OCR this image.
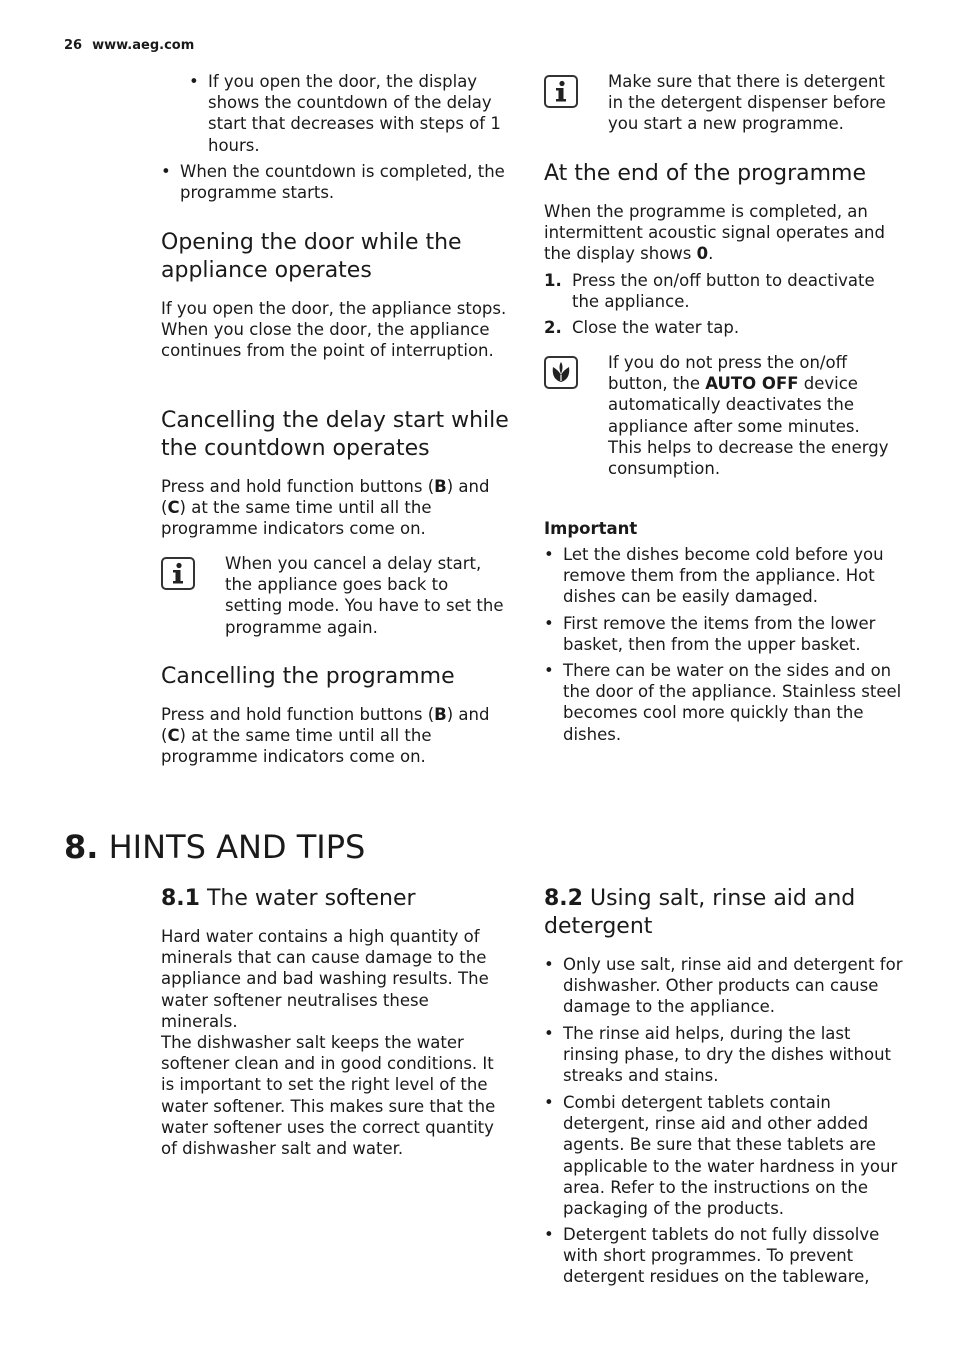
26 www.aeg.com
• If you open the door, the display shows the countdown of the delay start that decreases with steps of 1 hours.
• When the countdown is completed, the programme starts.
Opening the door while the appliance operates

If you open the door, the appliance stops. When you close the door, the appliance continues from the point of interruption.

Cancelling the delay start while the countdown operates

Press and hold function buttons (B) and (C) at the same time until all the programme indicators come on.

When you cancel a delay start, the appliance goes back to setting mode. You have to set the programme again.

Cancelling the programme

Press and hold function buttons (B) and (C) at the same time until all the programme indicators come on.

Make sure that there is detergent in the detergent dispenser before you start a new programme.

At the end of the programme

When the programme is completed, an intermittent acoustic signal operates and the display shows 0.

1. Press the on/off button to deactivate the appliance.
2. Close the water tap.

If you do not press the on/off button, the AUTO OFF device automatically deactivates the appliance after some minutes. This helps to decrease the energy consumption.

Important

• Let the dishes become cold before you remove them from the appliance. Hot dishes can be easily damaged.
• First remove the items from the lower basket, then from the upper basket.
• There can be water on the sides and on the door of the appliance. Stainless steel becomes cool more quickly than the dishes.
8. HINTS AND TIPS
8.1 The water softener

Hard water contains a high quantity of minerals that can cause damage to the appliance and bad washing results. The water softener neutralises these minerals.

The dishwasher salt keeps the water softener clean and in good conditions. It is important to set the right level of the water softener. This makes sure that the water softener uses the correct quantity of dishwasher salt and water.

8.2 Using salt, rinse aid and detergent
• Only use salt, rinse aid and detergent for dishwasher. Other products can cause damage to the appliance.
• The rinse aid helps, during the last rinsing phase, to dry the dishes without streaks and stains.
• Combi detergent tablets contain detergent, rinse aid and other added agents. Be sure that these tablets are applicable to the water hardness in your area. Refer to the instructions on the packaging of the products.
• Detergent tablets do not fully dissolve with short programmes. To prevent detergent residues on the tableware,
